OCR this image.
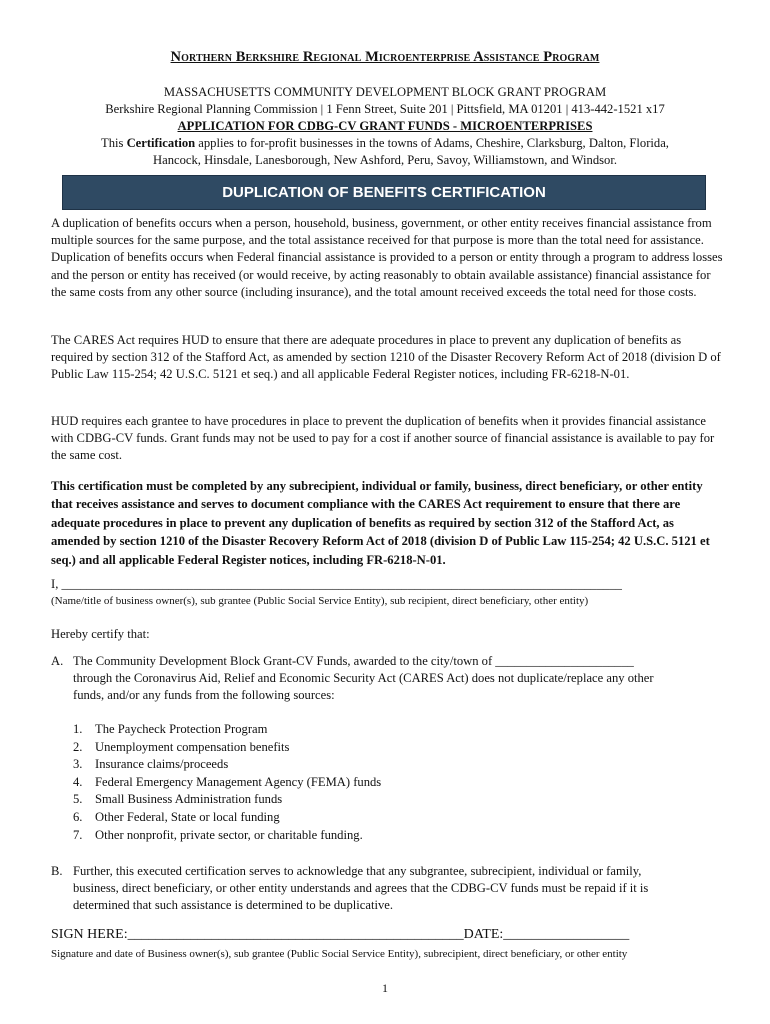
Northern Berkshire Regional Microenterprise Assistance Program
MASSACHUSETTS COMMUNITY DEVELOPMENT BLOCK GRANT PROGRAM
Berkshire Regional Planning Commission | 1 Fenn Street, Suite 201 | Pittsfield, MA 01201 | 413-442-1521 x17
APPLICATION FOR CDBG-CV GRANT FUNDS - MICROENTERPRISES
This Certification applies to for-profit businesses in the towns of Adams, Cheshire, Clarksburg, Dalton, Florida,
Hancock, Hinsdale, Lanesborough, New Ashford, Peru, Savoy, Williamstown, and Windsor.
DUPLICATION OF BENEFITS CERTIFICATION
A duplication of benefits occurs when a person, household, business, government, or other entity receives financial assistance from multiple sources for the same purpose, and the total assistance received for that purpose is more than the total need for assistance. Duplication of benefits occurs when Federal financial assistance is provided to a person or entity through a program to address losses and the person or entity has received (or would receive, by acting reasonably to obtain available assistance) financial assistance for the same costs from any other source (including insurance), and the total amount received exceeds the total need for those costs.
The CARES Act requires HUD to ensure that there are adequate procedures in place to prevent any duplication of benefits as required by section 312 of the Stafford Act, as amended by section 1210 of the Disaster Recovery Reform Act of 2018 (division D of Public Law 115-254; 42 U.S.C. 5121 et seq.) and all applicable Federal Register notices, including FR-6218-N-01.
HUD requires each grantee to have procedures in place to prevent the duplication of benefits when it provides financial assistance with CDBG-CV funds. Grant funds may not be used to pay for a cost if another source of financial assistance is available to pay for the same cost.
This certification must be completed by any subrecipient, individual or family, business, direct beneficiary, or other entity that receives assistance and serves to document compliance with the CARES Act requirement to ensure that there are adequate procedures in place to prevent any duplication of benefits as required by section 312 of the Stafford Act, as amended by section 1210 of the Disaster Recovery Reform Act of 2018 (division D of Public Law 115-254; 42 U.S.C. 5121 et seq.) and all applicable Federal Register notices, including FR-6218-N-01.
I, _________________________________________________________________________________________
(Name/title of business owner(s), sub grantee (Public Social Service Entity), sub recipient, direct beneficiary, other entity)
Hereby certify that:
A. The Community Development Block Grant-CV Funds, awarded to the city/town of ______________________
through the Coronavirus Aid, Relief and Economic Security Act (CARES Act) does not duplicate/replace any other
funds, and/or any funds from the following sources:
1. The Paycheck Protection Program
2. Unemployment compensation benefits
3. Insurance claims/proceeds
4. Federal Emergency Management Agency (FEMA) funds
5. Small Business Administration funds
6. Other Federal, State or local funding
7. Other nonprofit, private sector, or charitable funding.
B. Further, this executed certification serves to acknowledge that any subgrantee, subrecipient, individual or family,
business, direct beneficiary, or other entity understands and agrees that the CDBG-CV funds must be repaid if it is
determined that such assistance is determined to be duplicative.
SIGN HERE:________________________________________________DATE:__________________
Signature and date of Business owner(s), sub grantee (Public Social Service Entity), subrecipient, direct beneficiary, or other entity
1
